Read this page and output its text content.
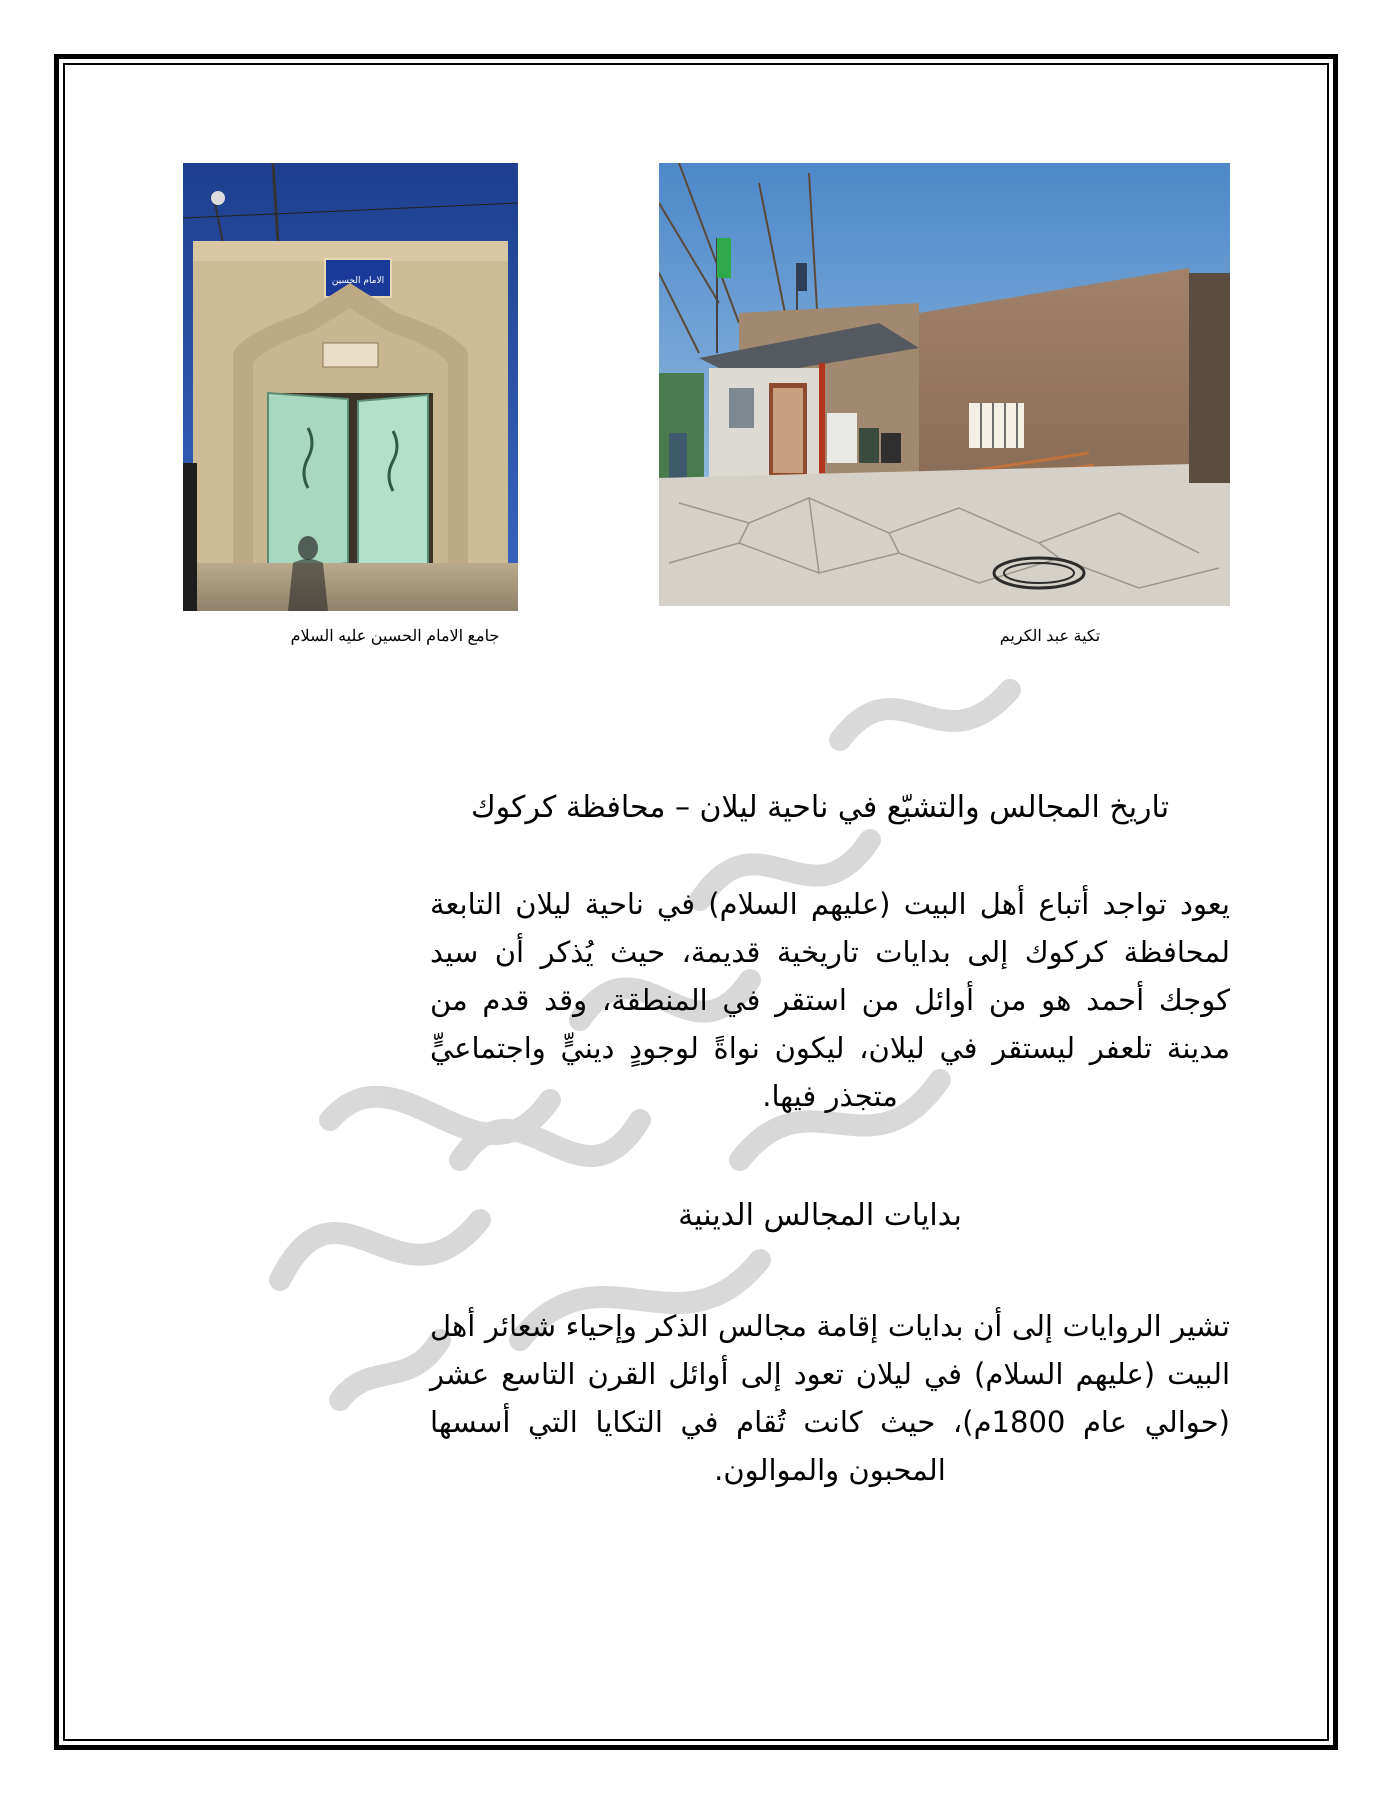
الامام الحسين
جامع الامام الحسين عليه السلام	تكية عبد الكريم
تاريخ المجالس والتشيّع في ناحية ليلان – محافظة كركوك
يعود تواجد أتباع أهل البيت (عليهم السلام) في ناحية ليلان التابعة لمحافظة كركوك إلى بدايات تاريخية قديمة، حيث يُذكر أن سيد كوجك أحمد هو من أوائل من استقر في المنطقة، وقد قدم من مدينة تلعفر ليستقر في ليلان، ليكون نواةً لوجودٍ دينيٍّ واجتماعيٍّ متجذر فيها.
بدايات المجالس الدينية
تشير الروايات إلى أن بدايات إقامة مجالس الذكر وإحياء شعائر أهل البيت (عليهم السلام) في ليلان تعود إلى أوائل القرن التاسع عشر (حوالي عام 1800م)، حيث كانت تُقام في التكايا التي أسسها المحبون والموالون.
